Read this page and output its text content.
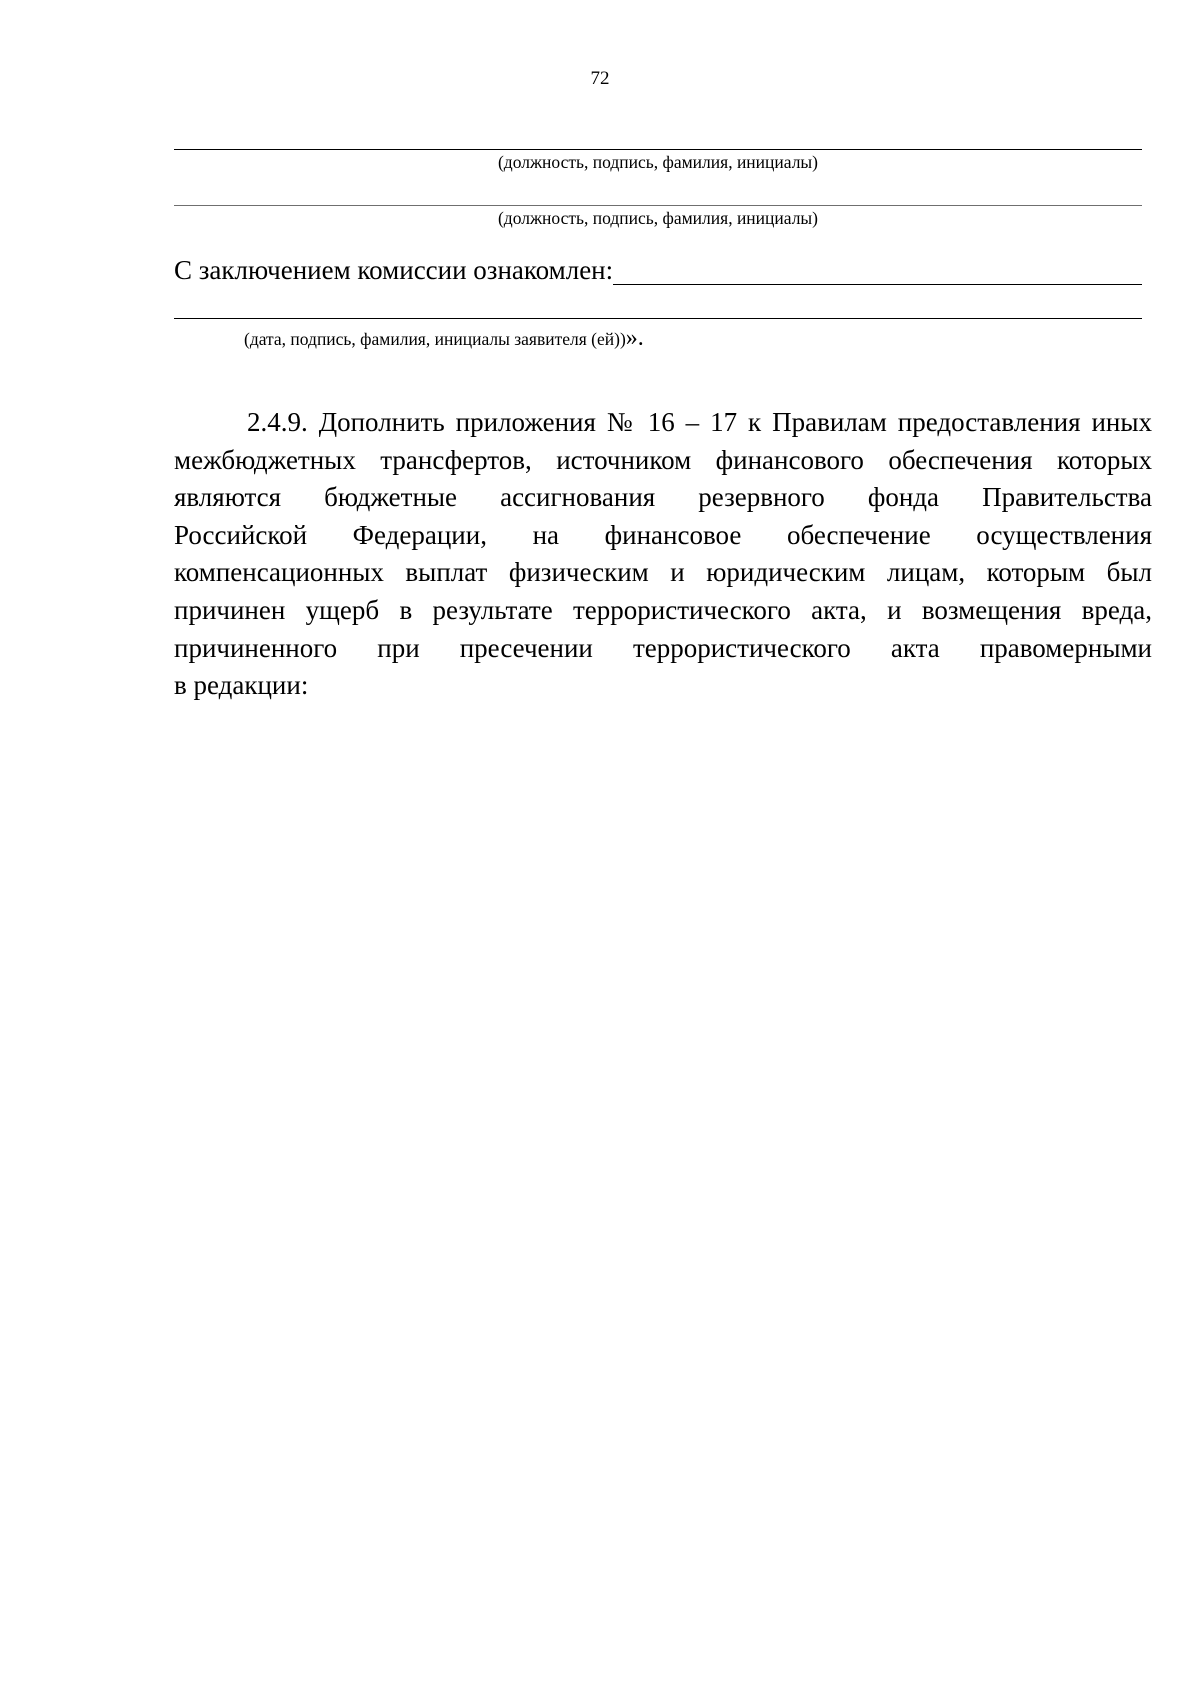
72
(должность, подпись, фамилия, инициалы)
(должность, подпись, фамилия, инициалы)
С заключением комиссии ознакомлен:
(дата, подпись, фамилия, инициалы заявителя (ей))».
2.4.9. Дополнить приложения № 16 – 17 к Правилам предоставления иных
межбюджетных трансфертов, источником финансового обеспечения которых
являются бюджетные ассигнования резервного фонда Правительства
Российской Федерации, на финансовое обеспечение осуществления
компенсационных выплат физическим и юридическим лицам, которым был
причинен ущерб в результате террористического акта, и возмещения вреда,
причиненного при пресечении террористического акта правомерными
в редакции:
